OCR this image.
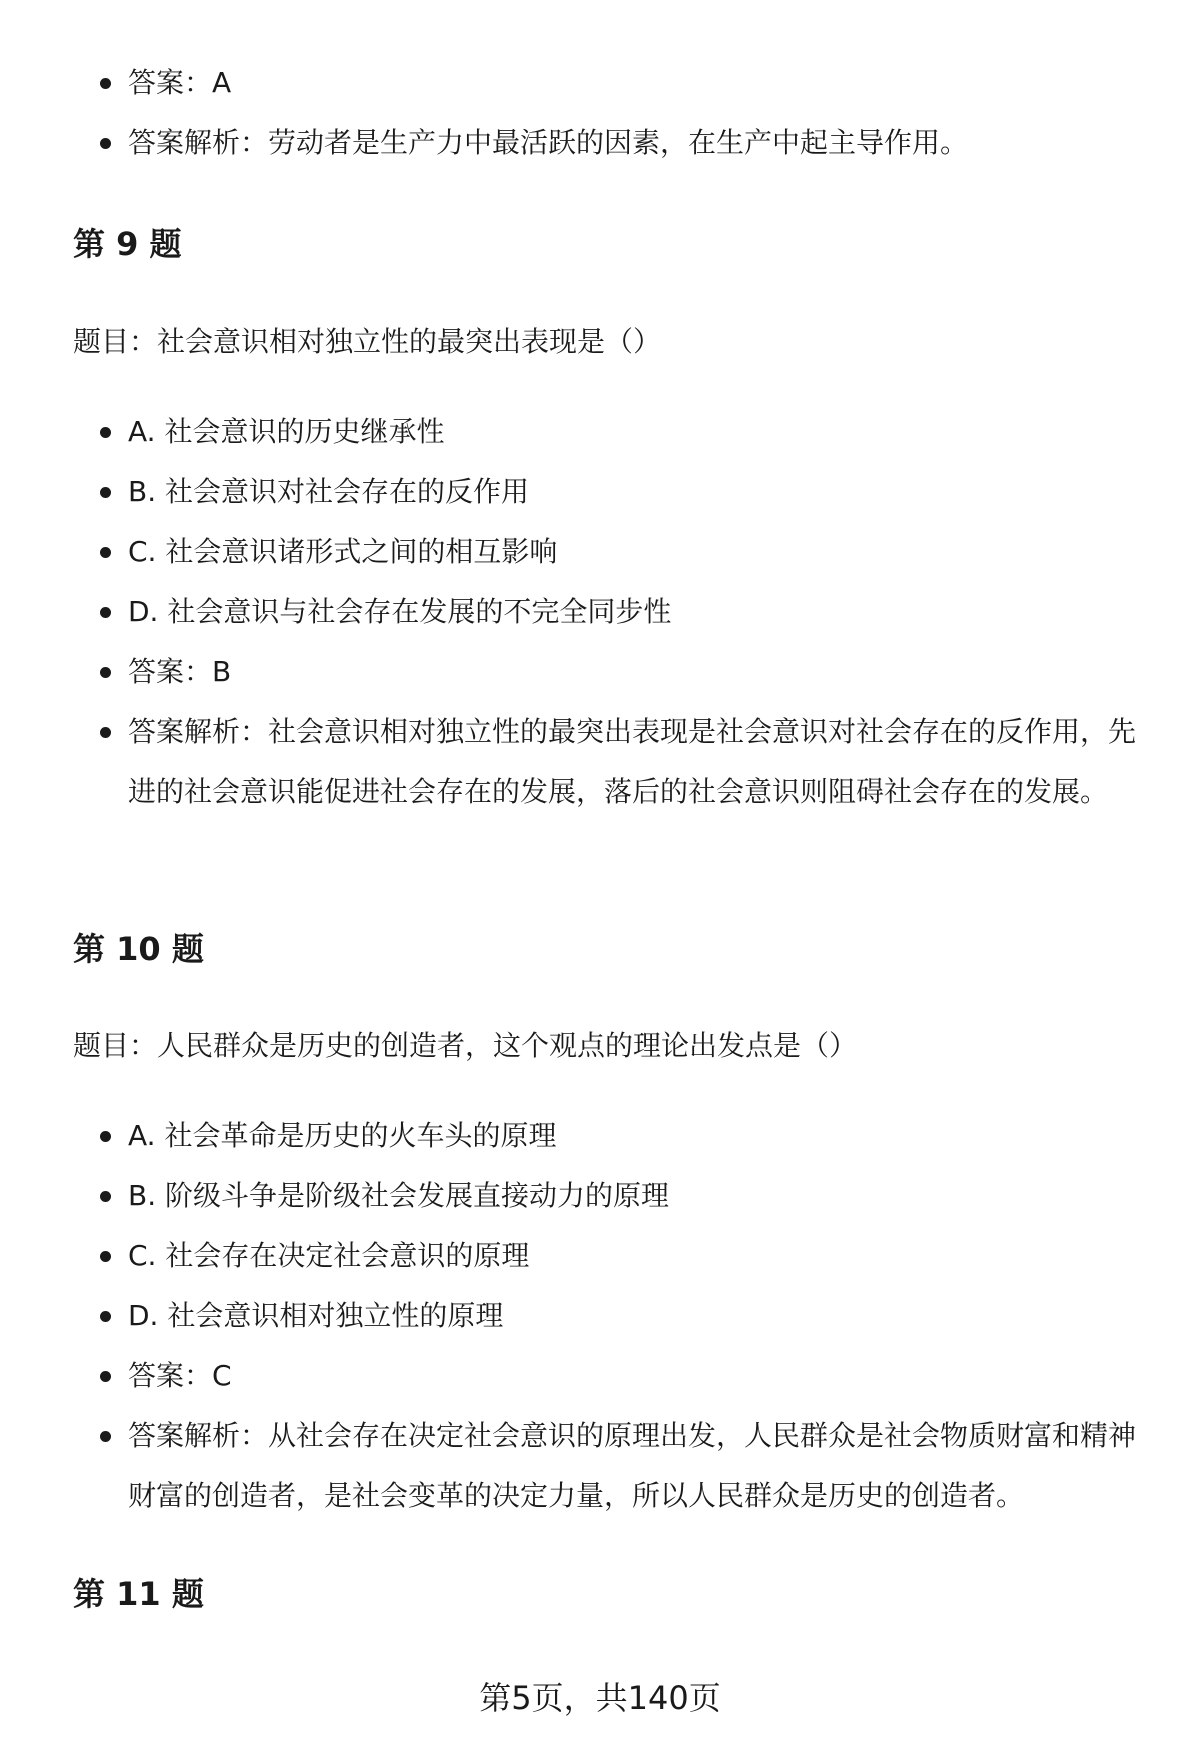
答案：A
答案解析：劳动者是生产力中最活跃的因素，在生产中起主导作用。
第 9 题

题目：社会意识相对独立性的最突出表现是（）

A. 社会意识的历史继承性
B. 社会意识对社会存在的反作用
C. 社会意识诸形式之间的相互影响
D. 社会意识与社会存在发展的不完全同步性
答案：B
答案解析：社会意识相对独立性的最突出表现是社会意识对社会存在的反作用，先进的社会意识能促进社会存在的发展，落后的社会意识则阻碍社会存在的发展。
第 10 题

题目：人民群众是历史的创造者，这个观点的理论出发点是（）

A. 社会革命是历史的火车头的原理
B. 阶级斗争是阶级社会发展直接动力的原理
C. 社会存在决定社会意识的原理
D. 社会意识相对独立性的原理
答案：C
答案解析：从社会存在决定社会意识的原理出发，人民群众是社会物质财富和精神财富的创造者，是社会变革的决定力量，所以人民群众是历史的创造者。
第 11 题
第5页，共140页
